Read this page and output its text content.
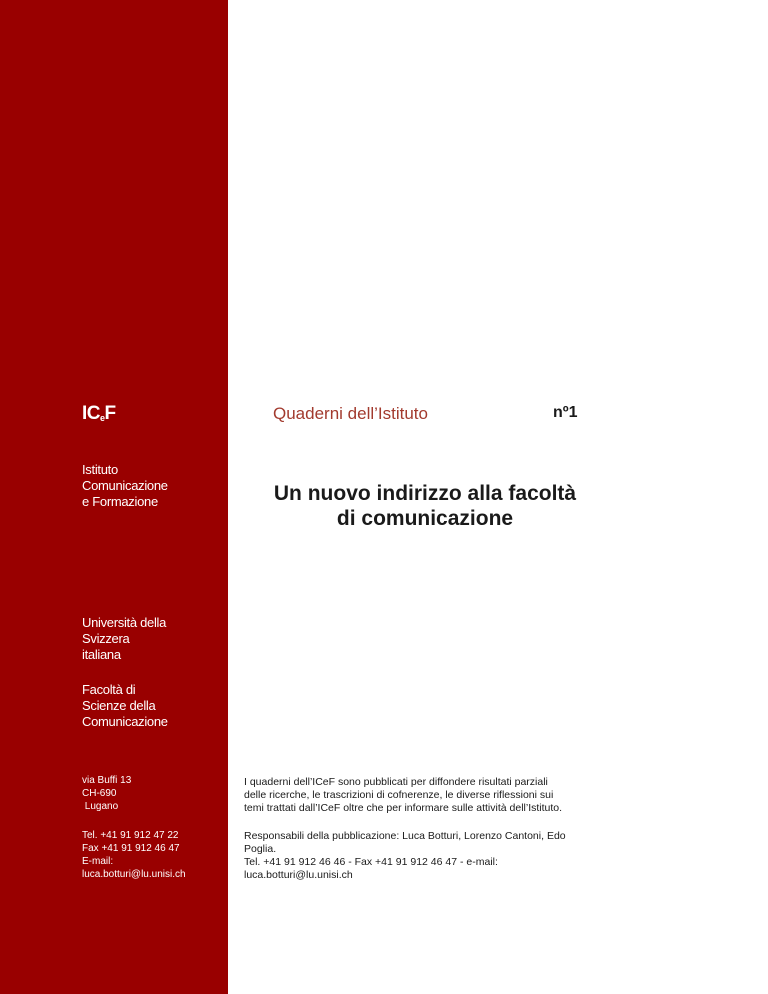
$IC_eF$
Istituto
Comunicazione
e Formazione
Università della
Svizzera
italiana
Facoltà di
Scienze della
Comunicazione
via Buffi 13
CH-690
Lugano
Tel. +41 91 912 47 22
Fax +41 91 912 46 47
E-mail:
luca.botturi@lu.unisi.ch
Quaderni dell’Istituto	nº1
Un nuovo indirizzo alla facoltà
di comunicazione
I quaderni dell’ICeF sono pubblicati per diffondere risultati parziali
delle ricerche, le trascrizioni di cofnerenze, le diverse riflessioni sui
temi trattati dall’ICeF oltre che per informare sulle attività dell’Istituto.
Responsabili della pubblicazione: Luca Botturi, Lorenzo Cantoni, Edo
Poglia.
Tel. +41 91 912 46 46 - Fax +41 91 912 46 47 - e-mail:
luca.botturi@lu.unisi.ch
